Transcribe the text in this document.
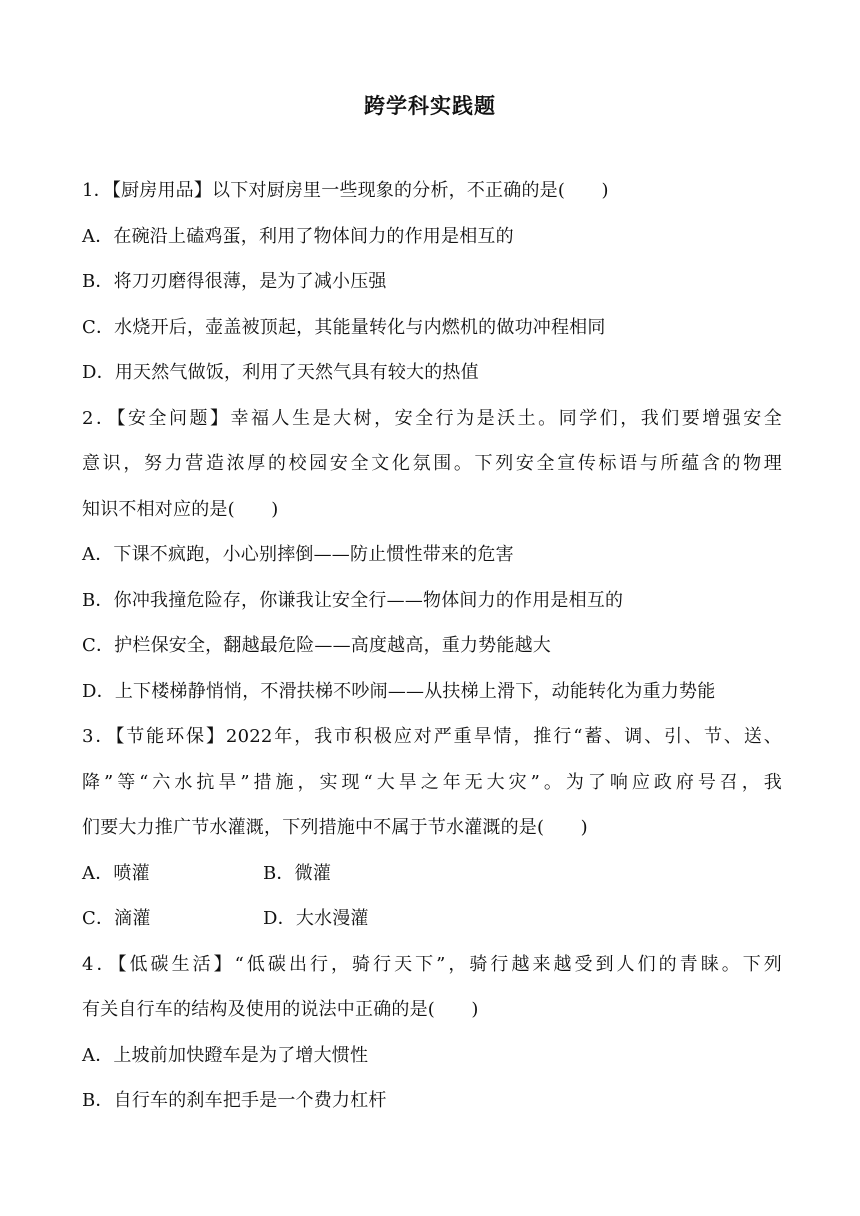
跨学科实践题
1．【厨房用品】以下对厨房里一些现象的分析，不正确的是(　　)
A．在碗沿上磕鸡蛋，利用了物体间力的作用是相互的
B．将刀刃磨得很薄，是为了减小压强
C．水烧开后，壶盖被顶起，其能量转化与内燃机的做功冲程相同
D．用天然气做饭，利用了天然气具有较大的热值
2．【安全问题】幸福人生是大树，安全行为是沃土。同学们，我们要增强安全
意识，努力营造浓厚的校园安全文化氛围。下列安全宣传标语与所蕴含的物理
知识不相对应的是(　　)
A．下课不疯跑，小心别摔倒——防止惯性带来的危害
B．你冲我撞危险存，你谦我让安全行——物体间力的作用是相互的
C．护栏保安全，翻越最危险——高度越高，重力势能越大
D．上下楼梯静悄悄，不滑扶梯不吵闹——从扶梯上滑下，动能转化为重力势能
3．【节能环保】2022年，我市积极应对严重旱情，推行“蓄、调、引、节、送、
降”等“六水抗旱”措施，实现“大旱之年无大灾”。为了响应政府号召，我
们要大力推广节水灌溉，下列措施中不属于节水灌溉的是(　　)
A．喷灌	B．微灌
C．滴灌	D．大水漫灌
4．【低碳生活】“低碳出行，骑行天下”，骑行越来越受到人们的青睐。下列
有关自行车的结构及使用的说法中正确的是(　　)
A．上坡前加快蹬车是为了增大惯性
B．自行车的刹车把手是一个费力杠杆
